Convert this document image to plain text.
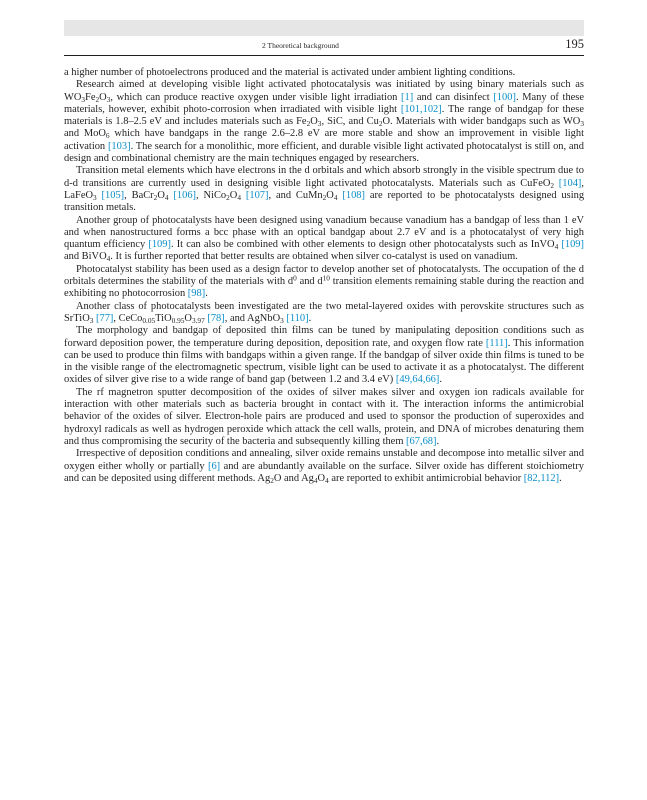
2 Theoretical background	195

a higher number of photoelectrons produced and the material is activated under ambient lighting conditions.

Research aimed at developing visible light activated photocatalysis was initiated by using binary materials such as $WO_3Fe_2O_3$, which can produce reactive oxygen under visible light irradiation [1] and can disinfect [100]. Many of these materials, however, exhibit photo-corrosion when irradiated with visible light [101,102]. The range of bandgap for these materials is 1.8–2.5 eV and includes materials such as $Fe_2O_3$, SiC, and $Cu_2O$. Materials with wider bandgaps such as $WO_3$ and MoO$_6$ which have bandgaps in the range 2.6–2.8 eV are more stable and show an improvement in visible light activation [103]. The search for a monolithic, more efficient, and durable visible light activated photocatalyst is still on, and design and combinational chemistry are the main techniques engaged by researchers.

Transition metal elements which have electrons in the d orbitals and which absorb strongly in the visible spectrum due to d-d transitions are currently used in designing visible light activated photocatalysts. Materials such as CuFeO$_2$ [104], LaFeO$_3$ [105], $BaCr_2O_4$ [106], $NiCo_2O_4$ [107], and $CuMn_2O_4$ [108] are reported to be photocatalysts designed using transition metals.

Another group of photocatalysts have been designed using vanadium because vanadium has a bandgap of less than 1 eV and when nanostructured forms a bcc phase with an optical bandgap about 2.7 eV and is a photocatalyst of very high quantum efficiency [109]. It can also be combined with other elements to design other photocatalysts such as InVO$_4$ [109] and BiVO$_4$. It is further reported that better results are obtained when silver co-catalyst is used on vanadium.

Photocatalyst stability has been used as a design factor to develop another set of photocatalysts. The occupation of the d orbitals determines the stability of the materials with $d^0$ and $d^{10}$ transition elements remaining stable during the reaction and exhibiting no photocorrosion [98].

Another class of photocatalysts been investigated are the two metal-layered oxides with perovskite structures such as SrTiO$_3$ [77], $CeCo_{0.05}TiO_{0.95}O_{3.97}$ [78], and AgNbO$_3$ [110].

The morphology and bandgap of deposited thin films can be tuned by manipulating deposition conditions such as forward deposition power, the temperature during deposition, deposition rate, and oxygen flow rate [111]. This information can be used to produce thin films with bandgaps within a given range. If the bandgap of silver oxide thin films is tuned to be in the visible range of the electromagnetic spectrum, visible light can be used to activate it as a photocatalyst. The different oxides of silver give rise to a wide range of band gap (between 1.2 and 3.4 eV) [49,64,66].

The rf magnetron sputter decomposition of the oxides of silver makes silver and oxygen ion radicals available for interaction with other materials such as bacteria brought in contact with it. The interaction informs the antimicrobial behavior of the oxides of silver. Electron-hole pairs are produced and used to sponsor the production of superoxides and hydroxyl radicals as well as hydrogen peroxide which attack the cell walls, protein, and DNA of microbes denaturing them and thus compromising the security of the bacteria and subsequently killing them [67,68].

Irrespective of deposition conditions and annealing, silver oxide remains unstable and decompose into metallic silver and oxygen either wholly or partially [6] and are abundantly available on the surface. Silver oxide has different stoichiometry and can be deposited using different methods. $Ag_2O$ and $Ag_4O_4$ are reported to exhibit antimicrobial behavior [82,112].
